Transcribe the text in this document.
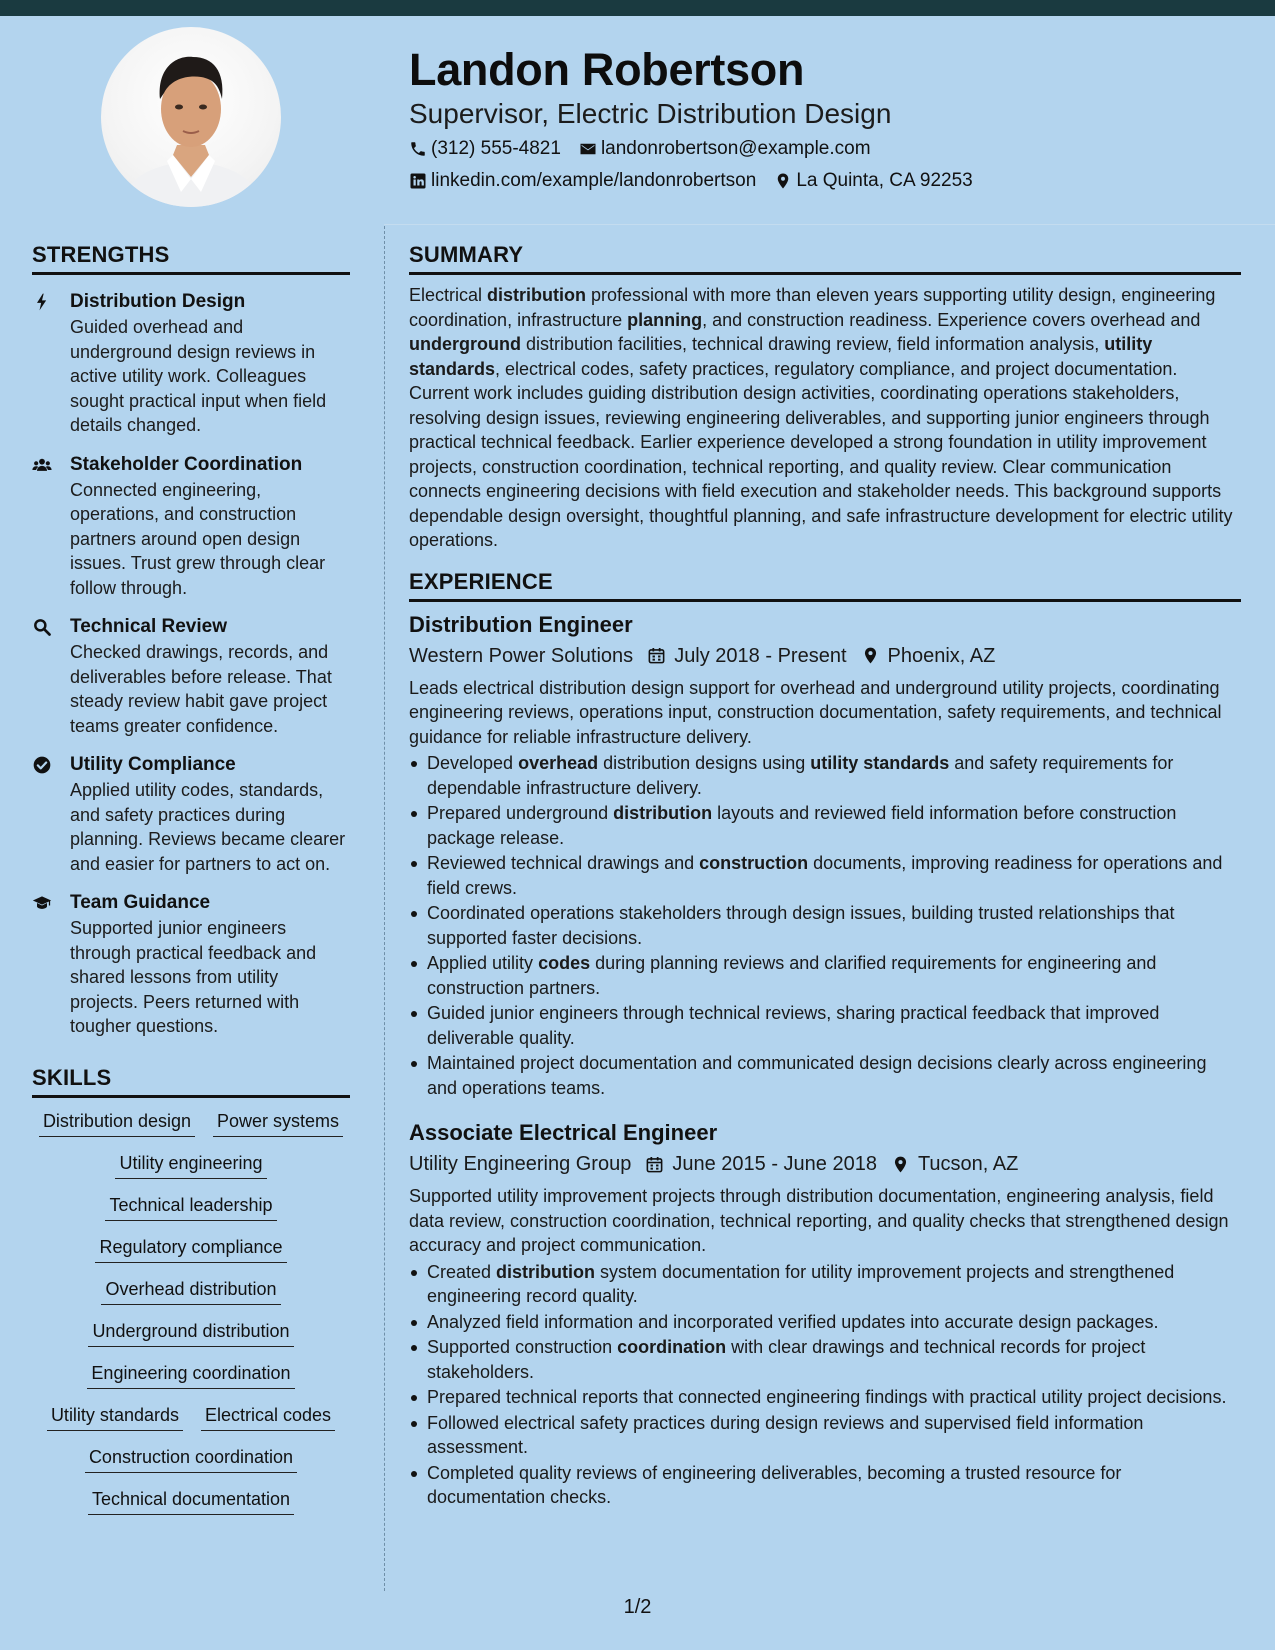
Landon Robertson
Supervisor, Electric Distribution Design
(312) 555-4821 landonrobertson@example.com
linkedin.com/example/landonrobertson La Quinta, CA 92253
STRENGTHS
Distribution Design
Guided overhead and underground design reviews in active utility work. Colleagues sought practical input when field details changed.
Stakeholder Coordination
Connected engineering, operations, and construction partners around open design issues. Trust grew through clear follow through.
Technical Review
Checked drawings, records, and deliverables before release. That steady review habit gave project teams greater confidence.
Utility Compliance
Applied utility codes, standards, and safety practices during planning. Reviews became clearer and easier for partners to act on.
Team Guidance
Supported junior engineers through practical feedback and shared lessons from utility projects. Peers returned with tougher questions.
SKILLS
Distribution design Power systems
Utility engineering
Technical leadership
Regulatory compliance
Overhead distribution
Underground distribution
Engineering coordination
Utility standards Electrical codes
Construction coordination
Technical documentation
SUMMARY

Electrical distribution professional with more than eleven years supporting utility design, engineering coordination, infrastructure planning, and construction readiness. Experience covers overhead and underground distribution facilities, technical drawing review, field information analysis, utility standards, electrical codes, safety practices, regulatory compliance, and project documentation. Current work includes guiding distribution design activities, coordinating operations stakeholders, resolving design issues, reviewing engineering deliverables, and supporting junior engineers through practical technical feedback. Earlier experience developed a strong foundation in utility improvement projects, construction coordination, technical reporting, and quality review. Clear communication connects engineering decisions with field execution and stakeholder needs. This background supports dependable design oversight, thoughtful planning, and safe infrastructure development for electric utility operations.

EXPERIENCE
Distribution Engineer
Western Power Solutions July 2018 - Present Phoenix, AZ

Leads electrical distribution design support for overhead and underground utility projects, coordinating engineering reviews, operations input, construction documentation, safety requirements, and technical guidance for reliable infrastructure delivery.

Developed overhead distribution designs using utility standards and safety requirements for dependable infrastructure delivery.
Prepared underground distribution layouts and reviewed field information before construction package release.
Reviewed technical drawings and construction documents, improving readiness for operations and field crews.
Coordinated operations stakeholders through design issues, building trusted relationships that supported faster decisions.
Applied utility codes during planning reviews and clarified requirements for engineering and construction partners.
Guided junior engineers through technical reviews, sharing practical feedback that improved deliverable quality.
Maintained project documentation and communicated design decisions clearly across engineering and operations teams.
Associate Electrical Engineer
Utility Engineering Group June 2015 - June 2018 Tucson, AZ

Supported utility improvement projects through distribution documentation, engineering analysis, field data review, construction coordination, technical reporting, and quality checks that strengthened design accuracy and project communication.

Created distribution system documentation for utility improvement projects and strengthened engineering record quality.
Analyzed field information and incorporated verified updates into accurate design packages.
Supported construction coordination with clear drawings and technical records for project stakeholders.
Prepared technical reports that connected engineering findings with practical utility project decisions.
Followed electrical safety practices during design reviews and supervised field information assessment.
Completed quality reviews of engineering deliverables, becoming a trusted resource for documentation checks.
1/2
